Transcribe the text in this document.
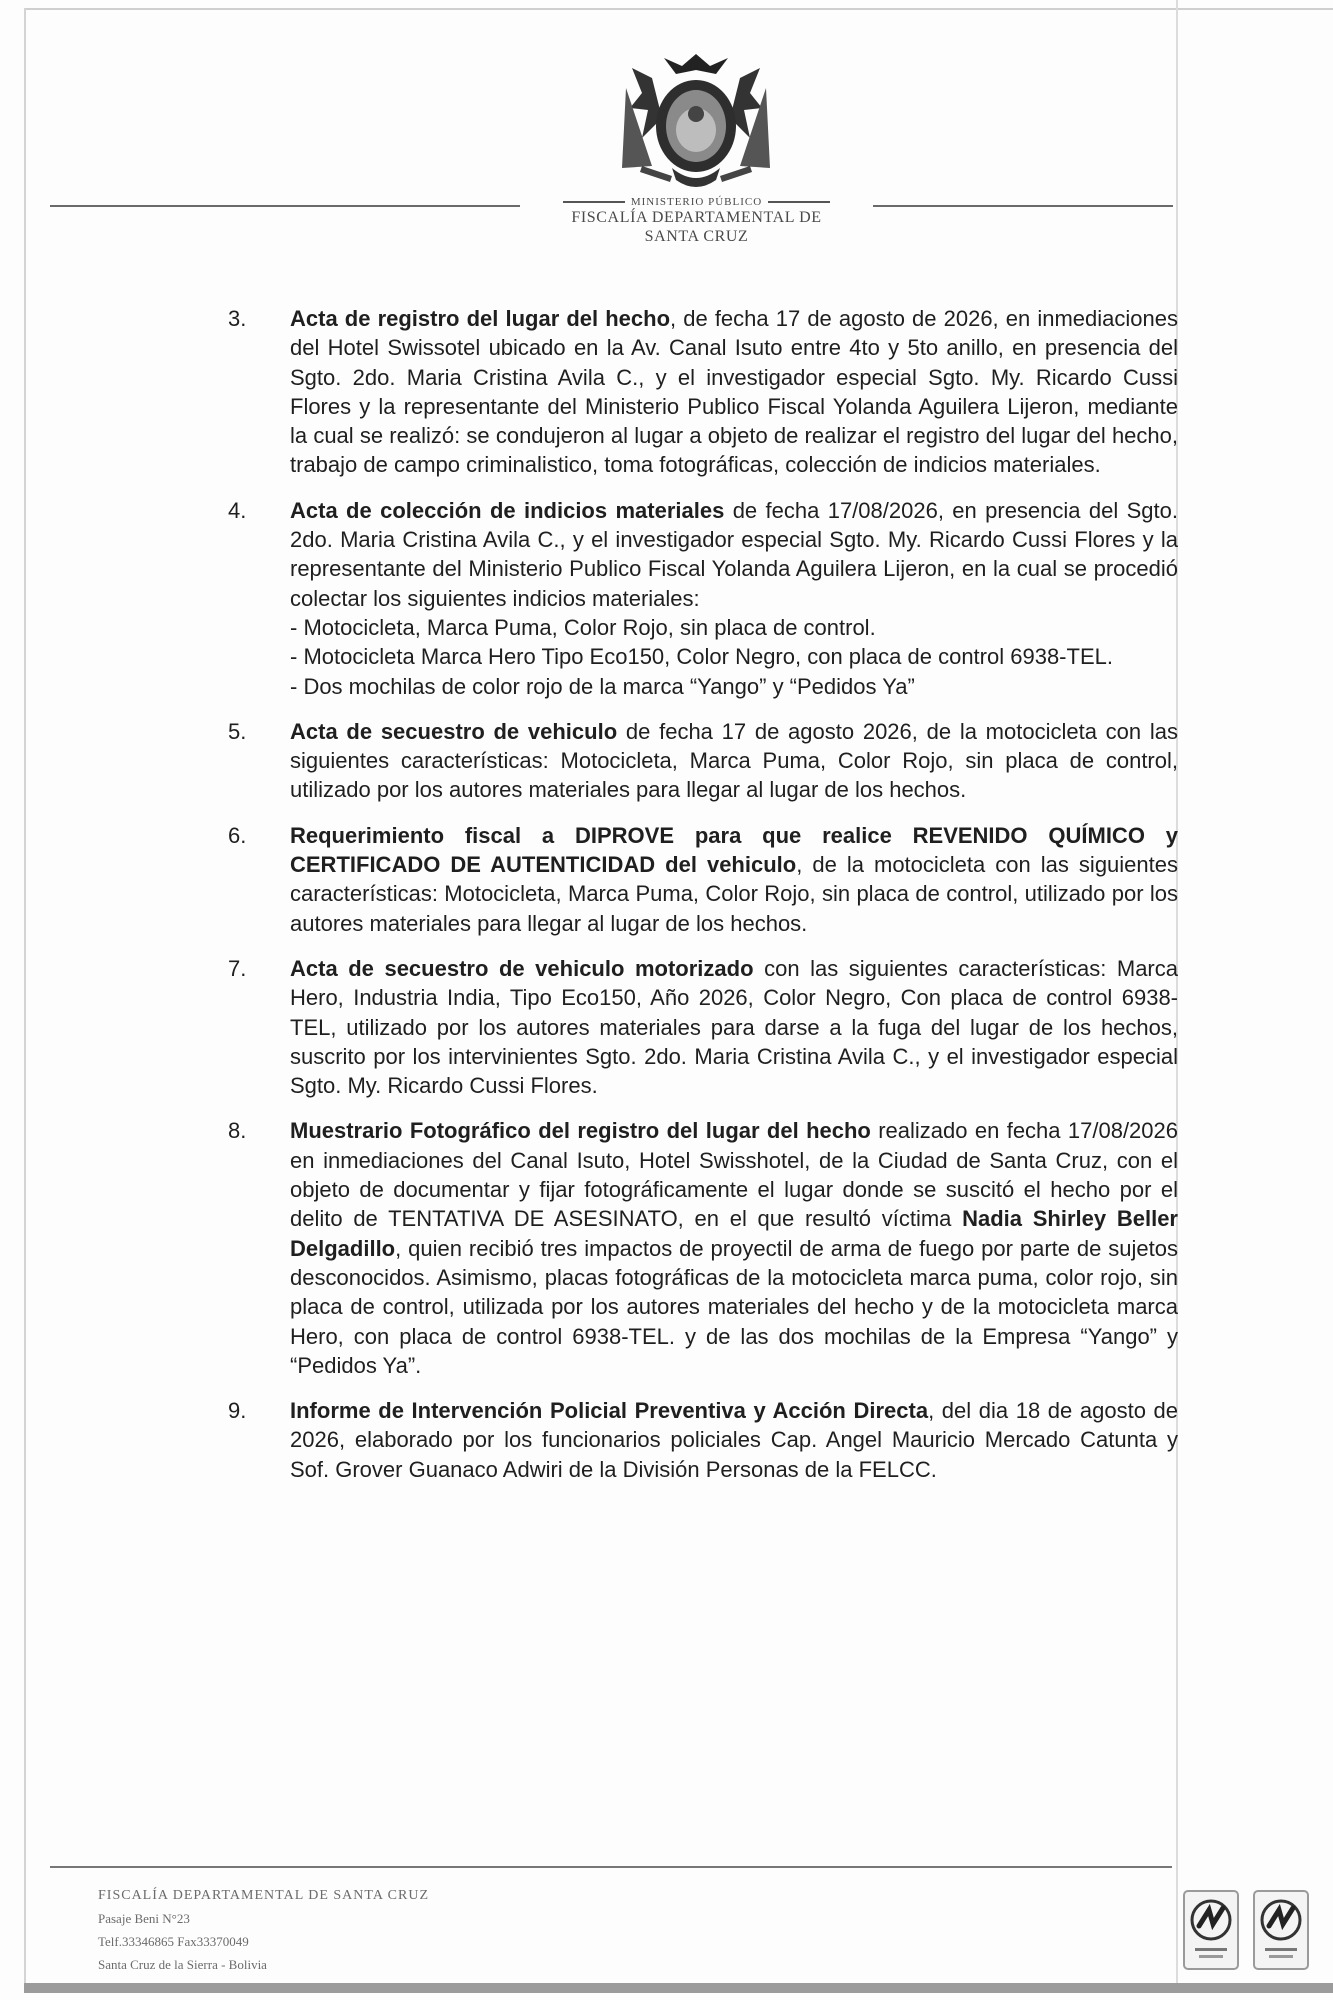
MINISTERIO PÚBLICO
FISCALÍA DEPARTAMENTAL DE
SANTA CRUZ
3.	Acta de registro del lugar del hecho, de fecha 17 de agosto de 2026, en inmediaciones del Hotel Swissotel ubicado en la Av. Canal Isuto entre 4to y 5to anillo, en presencia del Sgto. 2do. Maria Cristina Avila C., y el investigador especial Sgto. My. Ricardo Cussi Flores y la representante del Ministerio Publico Fiscal Yolanda Aguilera Lijeron, mediante la cual se realizó: se condujeron al lugar a objeto de realizar el registro del lugar del hecho, trabajo de campo criminalistico, toma fotográficas, colección de indicios materiales.

4.	Acta de colección de indicios materiales de fecha 17/08/2026, en presencia del Sgto. 2do. Maria Cristina Avila C., y el investigador especial Sgto. My. Ricardo Cussi Flores y la representante del Ministerio Publico Fiscal Yolanda Aguilera Lijeron, en la cual se procedió colectar los siguientes indicios materiales:

- Motocicleta, Marca Puma, Color Rojo, sin placa de control.

- Motocicleta Marca Hero Tipo Eco150, Color Negro, con placa de control 6938-TEL.

- Dos mochilas de color rojo de la marca “Yango” y “Pedidos Ya”

5.	Acta de secuestro de vehiculo de fecha 17 de agosto 2026, de la motocicleta con las siguientes características: Motocicleta, Marca Puma, Color Rojo, sin placa de control, utilizado por los autores materiales para llegar al lugar de los hechos.

6.	Requerimiento fiscal a DIPROVE para que realice REVENIDO QUÍMICO y CERTIFICADO DE AUTENTICIDAD del vehiculo, de la motocicleta con las siguientes características: Motocicleta, Marca Puma, Color Rojo, sin placa de control, utilizado por los autores materiales para llegar al lugar de los hechos.

7.	Acta de secuestro de vehiculo motorizado con las siguientes características: Marca Hero, Industria India, Tipo Eco150, Año 2026, Color Negro, Con placa de control 6938-TEL, utilizado por los autores materiales para darse a la fuga del lugar de los hechos, suscrito por los intervinientes Sgto. 2do. Maria Cristina Avila C., y el investigador especial Sgto. My. Ricardo Cussi Flores.

8.	Muestrario Fotográfico del registro del lugar del hecho realizado en fecha 17/08/2026 en inmediaciones del Canal Isuto, Hotel Swisshotel, de la Ciudad de Santa Cruz, con el objeto de documentar y fijar fotográficamente el lugar donde se suscitó el hecho por el delito de TENTATIVA DE ASESINATO, en el que resultó víctima Nadia Shirley Beller Delgadillo, quien recibió tres impactos de proyectil de arma de fuego por parte de sujetos desconocidos. Asimismo, placas fotográficas de la motocicleta marca puma, color rojo, sin placa de control, utilizada por los autores materiales del hecho y de la motocicleta marca Hero, con placa de control 6938-TEL. y de las dos mochilas de la Empresa “Yango” y “Pedidos Ya”.

9.	Informe de Intervención Policial Preventiva y Acción Directa, del dia 18 de agosto de 2026, elaborado por los funcionarios policiales Cap. Angel Mauricio Mercado Catunta y Sof. Grover Guanaco Adwiri de la División Personas de la FELCC.

FISCALÍA DEPARTAMENTAL DE SANTA CRUZ
Pasaje Beni N°23
Telf.33346865 Fax33370049
Santa Cruz de la Sierra - Bolivia
